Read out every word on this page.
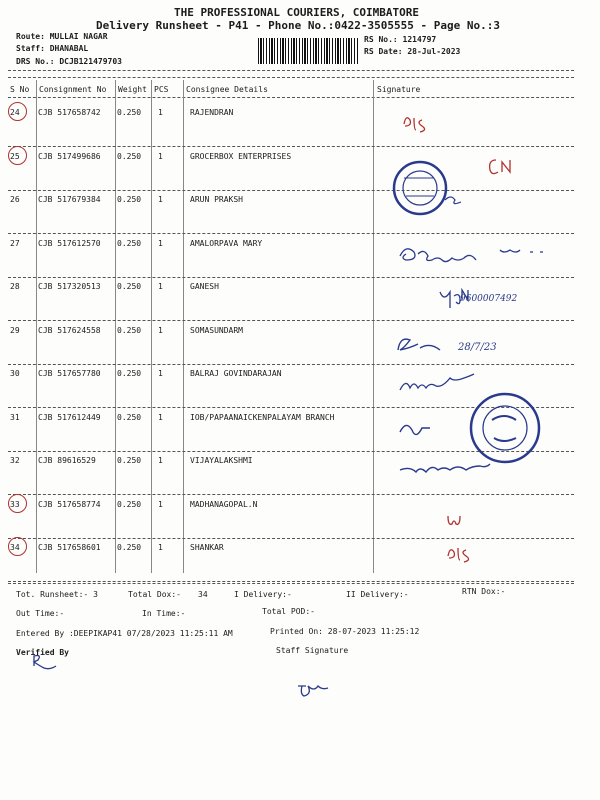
THE PROFESSIONAL COURIERS, COIMBATORE
Delivery Runsheet - P41 - Phone No.:0422-3505555 - Page No.:3
Route: MULLAI NAGAR
Staff: DHANABAL
DRS No.: DCJB121479703
RS No.: 1214797
RS Date: 28-Jul-2023
S No Consignment No Weight PCS Consignee Details	Signature
24 CJB 517658742 0.250 1	RAJENDRAN
25 CJB 517499686 0.250 1	GROCERBOX ENTERPRISES
26 CJB 517679384 0.250 1	ARUN PRAKSH
27 CJB 517612570 0.250 1	AMALORPAVA MARY
28 CJB 517320513 0.250 1	GANESH
29 CJB 517624558 0.250 1	SOMASUNDARM
30 CJB 517657780 0.250 1	BALRAJ GOVINDARAJAN
31 CJB 517612449 0.250 1	IOB/PAPAANAICKENPALAYAM BRANCH
32 CJB 89616529	0.250 1	VIJAYALAKSHMI
33 CJB 517658774 0.250 1	MADHANAGOPAL.N
34 CJB 517658601 0.250 1	SHANKAR
9600007492
28/7/23
Tot. Runsheet:- 3	Total Dox:- 34	I Delivery:-	II Delivery:-	RTN Dox:-
Out Time:-	In Time:-	Total POD:-
Entered By :DEEPIKAP41 07/28/2023 11:25:11 AM	Printed On: 28-07-2023 11:25:12
Verified By	Staff Signature
